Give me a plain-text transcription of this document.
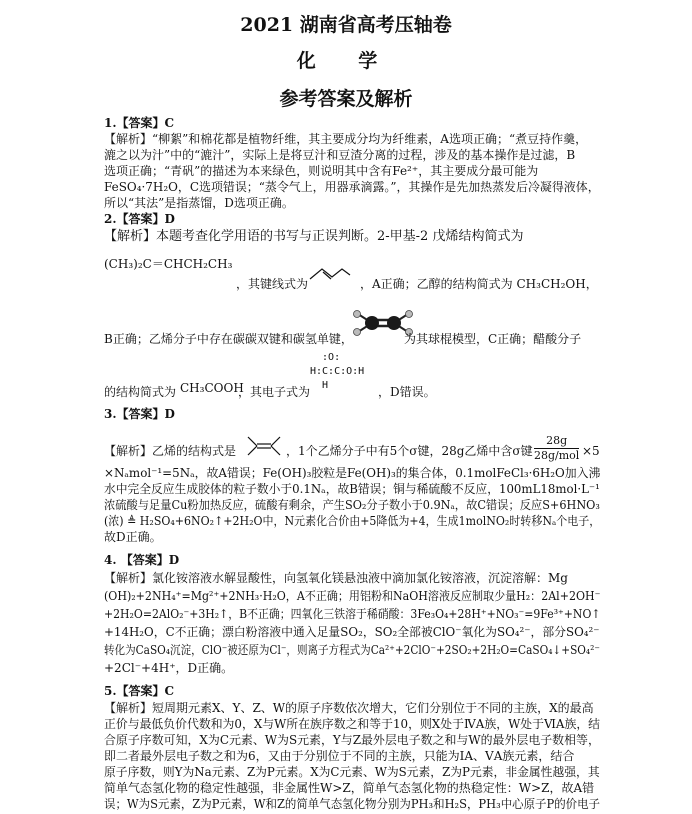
2021 湖南省高考压轴卷
化 学
参考答案及解析
1.【答案】C
【解析】“柳絮”和棉花都是植物纤维，其主要成分均为纤维素，A选项正确；“煮豆持作羹，
漉之以为汁”中的“漉汁”，实际上是将豆汁和豆渣分离的过程，涉及的基本操作是过滤，B
选项正确；“青矾”的描述为本来绿色，则说明其中含有Fe²⁺，其主要成分最可能为
FeSO₄·7H₂O，C选项错误；“蒸令气上，用器承滴露。”，其操作是先加热蒸发后冷凝得液体，
所以“其法”是指蒸馏，D选项正确。
2.【答案】D
【解析】本题考查化学用语的书写与正误判断。2-甲基-2 戊烯结构简式为
(CH₃)₂C＝CHCH₂CH₃
，其键线式为	，A正确；乙醇的结构简式为 CH₃CH₂OH，
B正确；乙烯分子中存在碳碳双键和碳氢单键，	为其球棍模型，C正确；醋酸分子
:O:
H:C:C:O:H
H
的结构简式为 CH₃COOH
，其电子式为	，D错误。
3.【答案】D
【解析】乙烯的结构式是	，1个乙烯分子中有5个σ键，28g乙烯中含σ键
28g
28g/mol ×5
×Nₐmol⁻¹=5Nₐ，故A错误；Fe(OH)₃胶粒是Fe(OH)₃的集合体，0.1molFeCl₃·6H₂O加入沸
水中完全反应生成胶体的粒子数小于0.1Nₐ，故B错误；铜与稀硫酸不反应，100mL18mol·L⁻¹
浓硫酸与足量Cu粉加热反应，硫酸有剩余，产生SO₂分子数小于0.9Nₐ，故C错误；反应S+6HNO₃
(浓) ≜ H₂SO₄+6NO₂↑+2H₂O中，N元素化合价由+5降低为+4，生成1molNO₂时转移Nₐ个电子，
故D正确。
4. 【答案】D
【解析】氯化铵溶液水解显酸性，向氢氧化镁悬浊液中滴加氯化铵溶液，沉淀溶解：Mg
(OH)₂+2NH₄⁺=Mg²⁺+2NH₃·H₂O，A不正确；用铝粉和NaOH溶液反应制取少量H₂：2Al+2OH⁻
+2H₂O=2AlO₂⁻+3H₂↑，B不正确；四氧化三铁溶于稀硝酸：3Fe₃O₄+28H⁺+NO₃⁻=9Fe³⁺+NO↑
+14H₂O，C不正确；漂白粉溶液中通入足量SO₂，SO₂全部被ClO⁻氧化为SO₄²⁻，部分SO₄²⁻
转化为CaSO₄沉淀，ClO⁻被还原为Cl⁻，则离子方程式为Ca²⁺+2ClO⁻+2SO₂+2H₂O=CaSO₄↓+SO₄²⁻
+2Cl⁻+4H⁺，D正确。
5.【答案】C
【解析】短周期元素X、Y、Z、W的原子序数依次增大，它们分别位于不同的主族，X的最高
正价与最低负价代数和为0，X与W所在族序数之和等于10，则X处于ⅣA族，W处于ⅥA族，结
合原子序数可知，X为C元素、W为S元素，Y与Z最外层电子数之和与W的最外层电子数相等，
即二者最外层电子数之和为6，又由于分别位于不同的主族，只能为ⅠA、ⅤA族元素，结合
原子序数，则Y为Na元素、Z为P元素。X为C元素、W为S元素，Z为P元素，非金属性越强，其
简单气态氢化物的稳定性越强，非金属性W>Z，简单气态氢化物的热稳定性：W>Z，故A错
误；W为S元素，Z为P元素，W和Z的简单气态氢化物分别为PH₃和H₂S，PH₃中心原子P的价电子
